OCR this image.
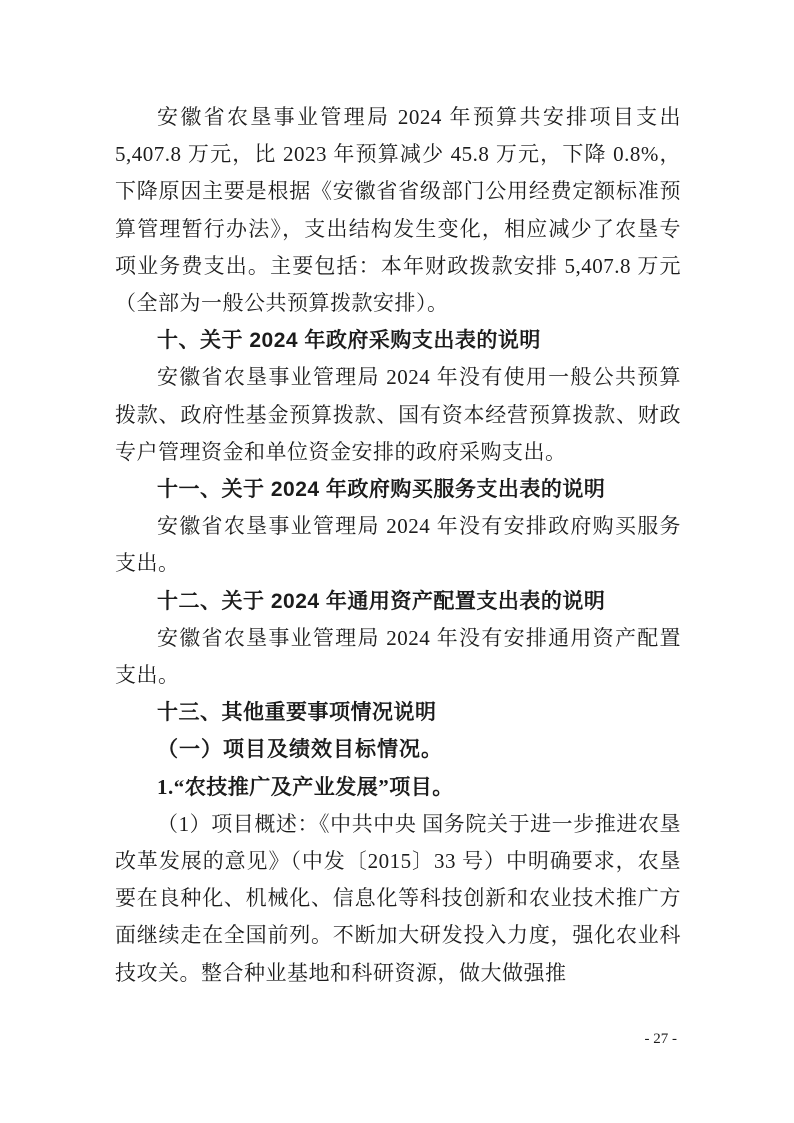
安徽省农垦事业管理局 2024 年预算共安排项目支出 5,407.8 万元，比 2023 年预算减少 45.8 万元，下降 0.8%，下降原因主要是根据《安徽省省级部门公用经费定额标准预算管理暂行办法》，支出结构发生变化，相应减少了农垦专项业务费支出。主要包括：本年财政拨款安排 5,407.8 万元（全部为一般公共预算拨款安排）。

十、关于 2024 年政府采购支出表的说明

安徽省农垦事业管理局 2024 年没有使用一般公共预算拨款、政府性基金预算拨款、国有资本经营预算拨款、财政专户管理资金和单位资金安排的政府采购支出。

十一、关于 2024 年政府购买服务支出表的说明

安徽省农垦事业管理局 2024 年没有安排政府购买服务支出。

十二、关于 2024 年通用资产配置支出表的说明

安徽省农垦事业管理局 2024 年没有安排通用资产配置支出。

十三、其他重要事项情况说明

（一）项目及绩效目标情况。

1.“农技推广及产业发展”项目。

（1）项目概述：《中共中央 国务院关于进一步推进农垦改革发展的意见》（中发〔2015〕33 号）中明确要求，农垦要在良种化、机械化、信息化等科技创新和农业技术推广方面继续走在全国前列。不断加大研发投入力度，强化农业科技攻关。整合种业基地和科研资源，做大做强推

- 27 -
